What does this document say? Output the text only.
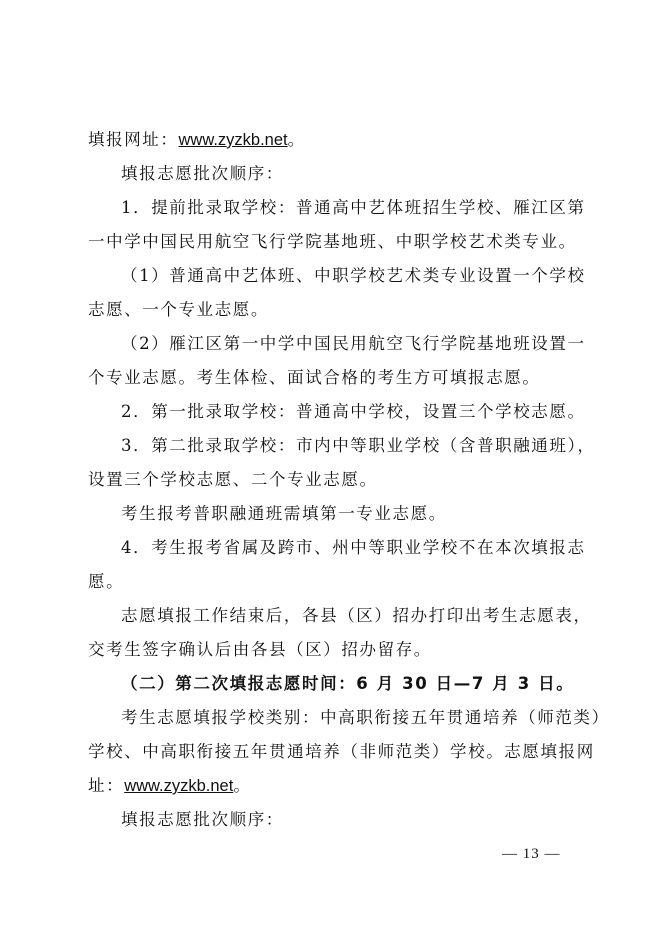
填报网址：www.zyzkb.net。
填报志愿批次顺序：
1．提前批录取学校：普通高中艺体班招生学校、雁江区第
一中学中国民用航空飞行学院基地班、中职学校艺术类专业。
（1）普通高中艺体班、中职学校艺术类专业设置一个学校
志愿、一个专业志愿。
（2）雁江区第一中学中国民用航空飞行学院基地班设置一
个专业志愿。考生体检、面试合格的考生方可填报志愿。
2．第一批录取学校：普通高中学校，设置三个学校志愿。
3．第二批录取学校：市内中等职业学校（含普职融通班），
设置三个学校志愿、二个专业志愿。
考生报考普职融通班需填第一专业志愿。
4．考生报考省属及跨市、州中等职业学校不在本次填报志
愿。
志愿填报工作结束后，各县（区）招办打印出考生志愿表，
交考生签字确认后由各县（区）招办留存。
（二）第二次填报志愿时间：6 月 30 日—7 月 3 日。
考生志愿填报学校类别：中高职衔接五年贯通培养（师范类）
学校、中高职衔接五年贯通培养（非师范类）学校。志愿填报网
址：www.zyzkb.net。
填报志愿批次顺序：
— 13 —
